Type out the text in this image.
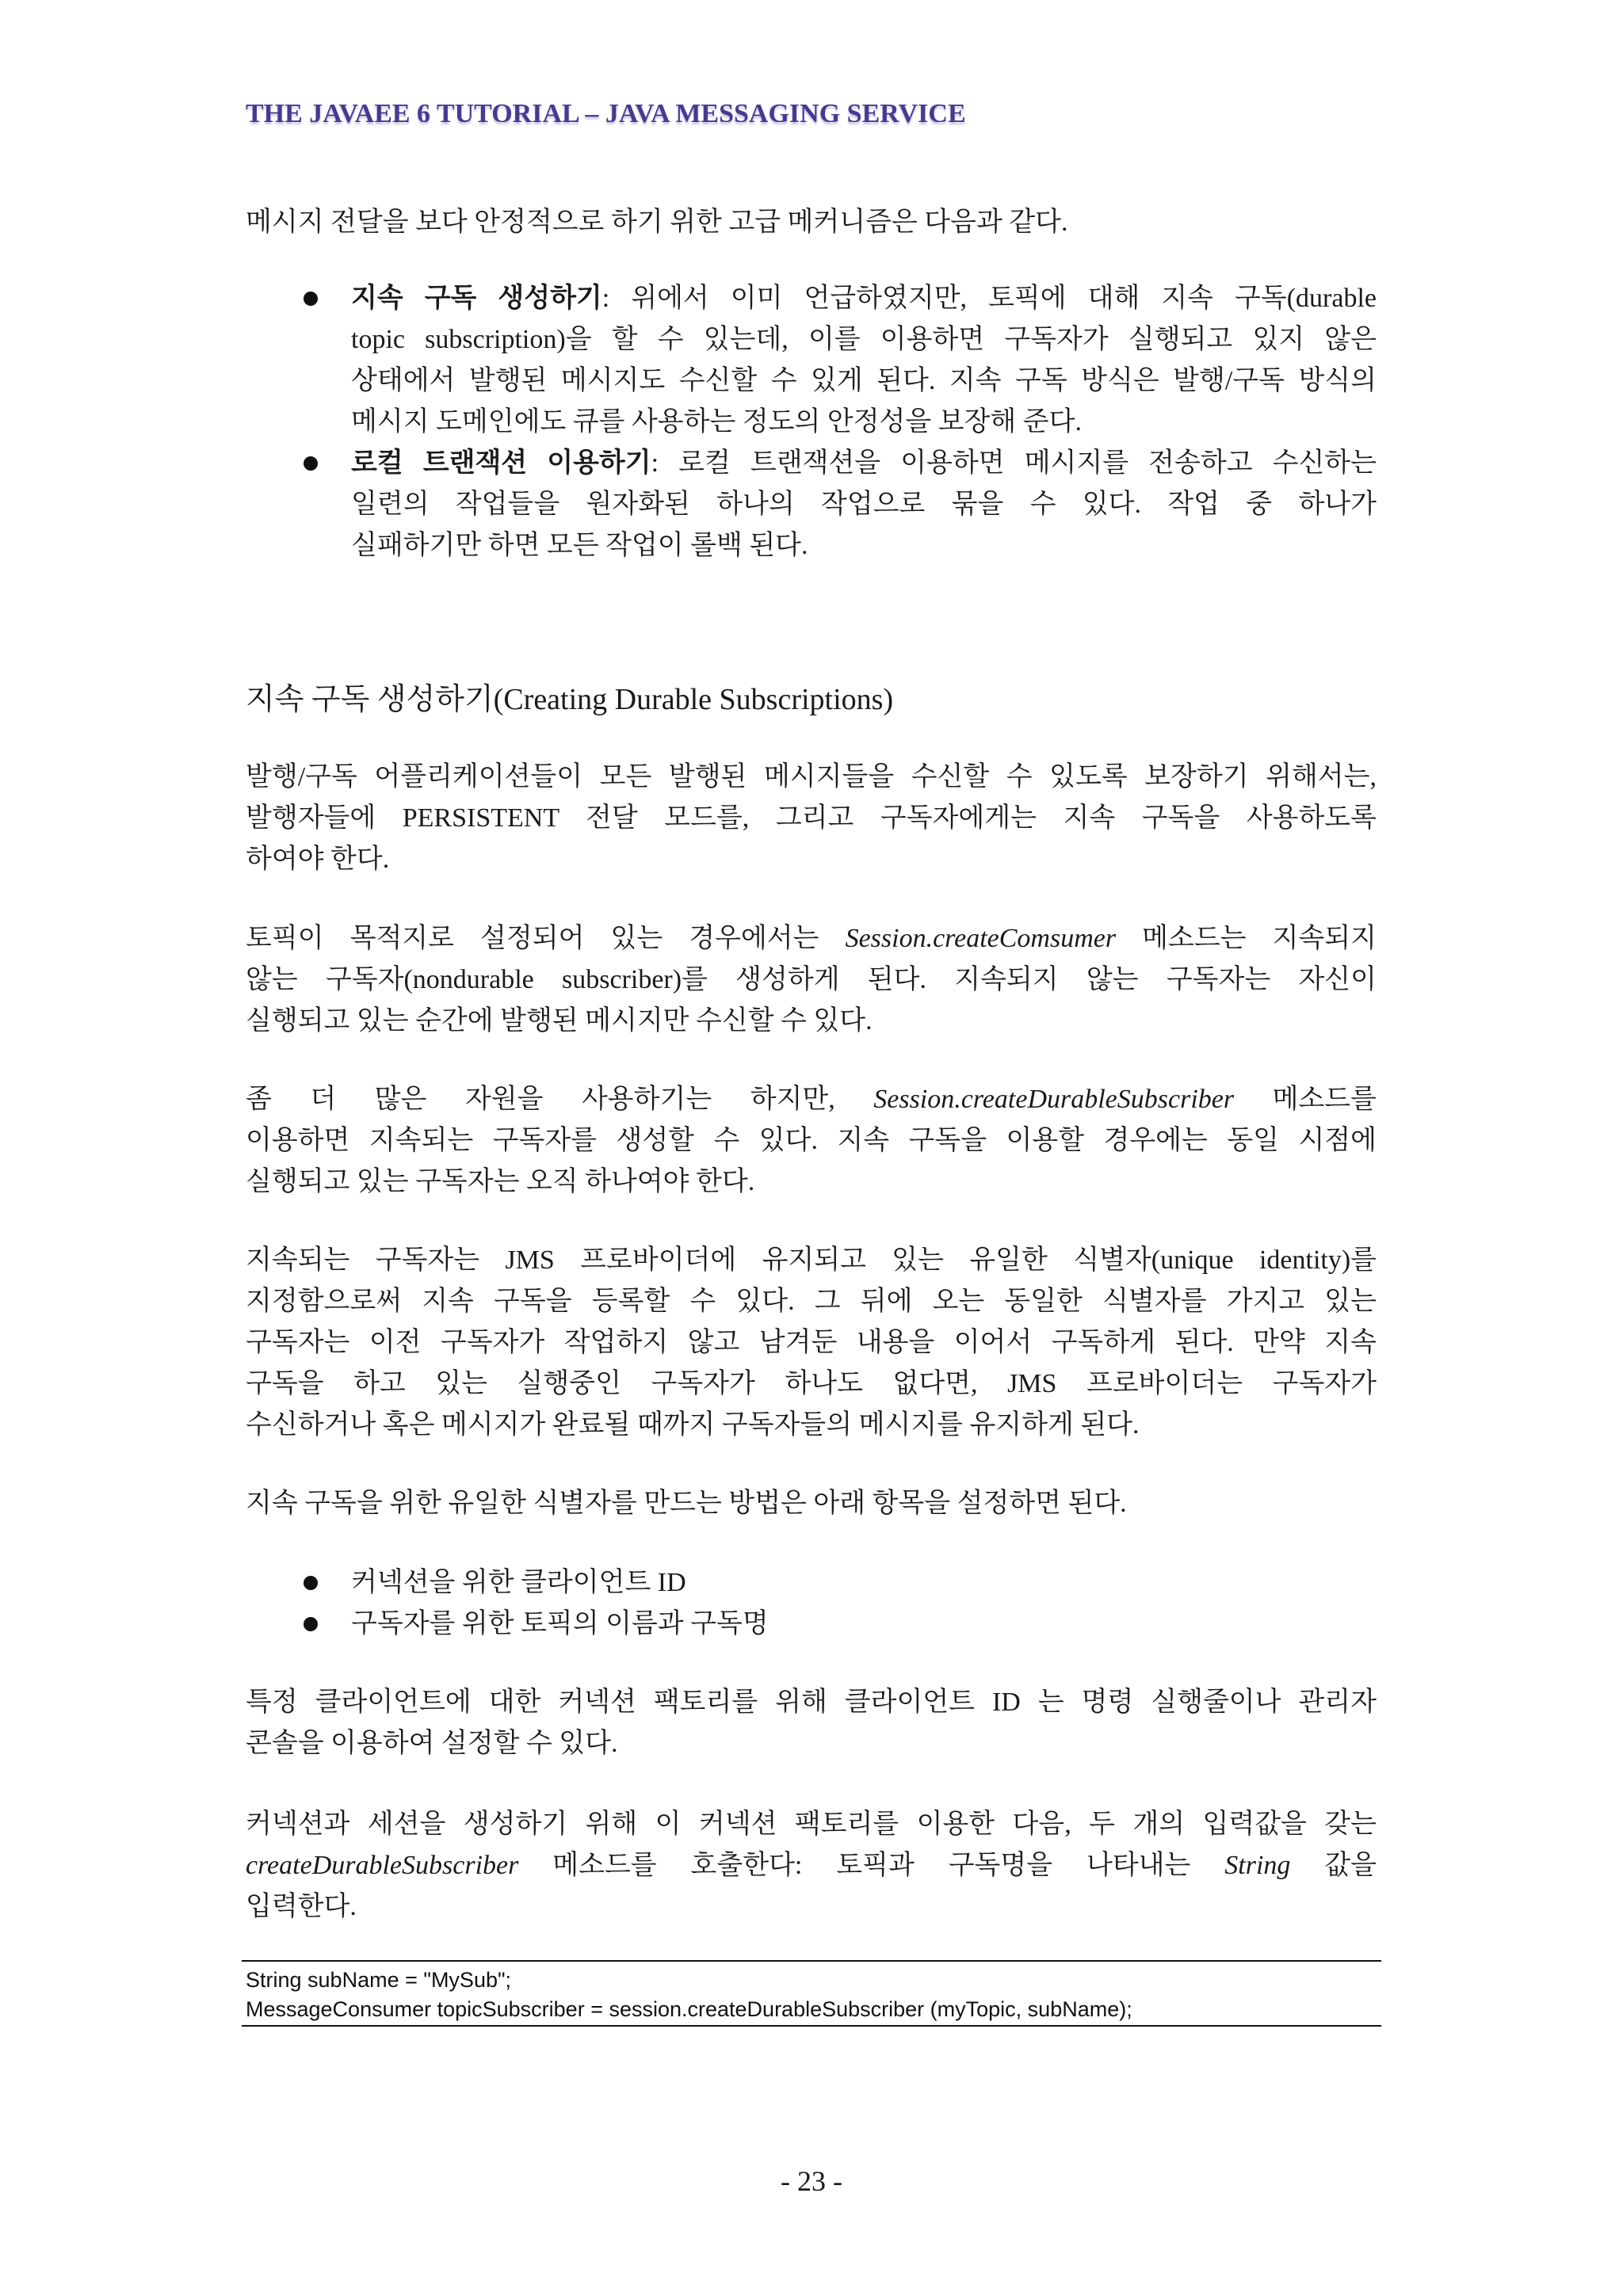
THE JAVAEE 6 TUTORIAL – JAVA MESSAGING SERVICE
메시지 전달을 보다 안정적으로 하기 위한 고급 메커니즘은 다음과 같다.
지속 구독 생성하기: 위에서 이미 언급하였지만, 토픽에 대해 지속 구독(durable
topic subscription)을 할 수 있는데, 이를 이용하면 구독자가 실행되고 있지 않은
상태에서 발행된 메시지도 수신할 수 있게 된다. 지속 구독 방식은 발행/구독 방식의
메시지 도메인에도 큐를 사용하는 정도의 안정성을 보장해 준다.
로컬 트랜잭션 이용하기: 로컬 트랜잭션을 이용하면 메시지를 전송하고 수신하는
일련의 작업들을 원자화된 하나의 작업으로 묶을 수 있다. 작업 중 하나가
실패하기만 하면 모든 작업이 롤백 된다.
지속 구독 생성하기(Creating Durable Subscriptions)
발행/구독 어플리케이션들이 모든 발행된 메시지들을 수신할 수 있도록 보장하기 위해서는,
발행자들에 PERSISTENT 전달 모드를, 그리고 구독자에게는 지속 구독을 사용하도록
하여야 한다.
토픽이 목적지로 설정되어 있는 경우에서는 Session.createComsumer 메소드는 지속되지
않는 구독자(nondurable subscriber)를 생성하게 된다. 지속되지 않는 구독자는 자신이
실행되고 있는 순간에 발행된 메시지만 수신할 수 있다.
좀 더 많은 자원을 사용하기는 하지만, Session.createDurableSubscriber 메소드를
이용하면 지속되는 구독자를 생성할 수 있다. 지속 구독을 이용할 경우에는 동일 시점에
실행되고 있는 구독자는 오직 하나여야 한다.
지속되는 구독자는 JMS 프로바이더에 유지되고 있는 유일한 식별자(unique identity)를
지정함으로써 지속 구독을 등록할 수 있다. 그 뒤에 오는 동일한 식별자를 가지고 있는
구독자는 이전 구독자가 작업하지 않고 남겨둔 내용을 이어서 구독하게 된다. 만약 지속
구독을 하고 있는 실행중인 구독자가 하나도 없다면, JMS 프로바이더는 구독자가
수신하거나 혹은 메시지가 완료될 때까지 구독자들의 메시지를 유지하게 된다.
지속 구독을 위한 유일한 식별자를 만드는 방법은 아래 항목을 설정하면 된다.
커넥션을 위한 클라이언트 ID
구독자를 위한 토픽의 이름과 구독명
특정 클라이언트에 대한 커넥션 팩토리를 위해 클라이언트 ID 는 명령 실행줄이나 관리자
콘솔을 이용하여 설정할 수 있다.
커넥션과 세션을 생성하기 위해 이 커넥션 팩토리를 이용한 다음, 두 개의 입력값을 갖는
createDurableSubscriber 메소드를 호출한다: 토픽과 구독명을 나타내는 String 값을
입력한다.
String subName = "MySub";
MessageConsumer topicSubscriber = session.createDurableSubscriber (myTopic, subName);
- 23 -
